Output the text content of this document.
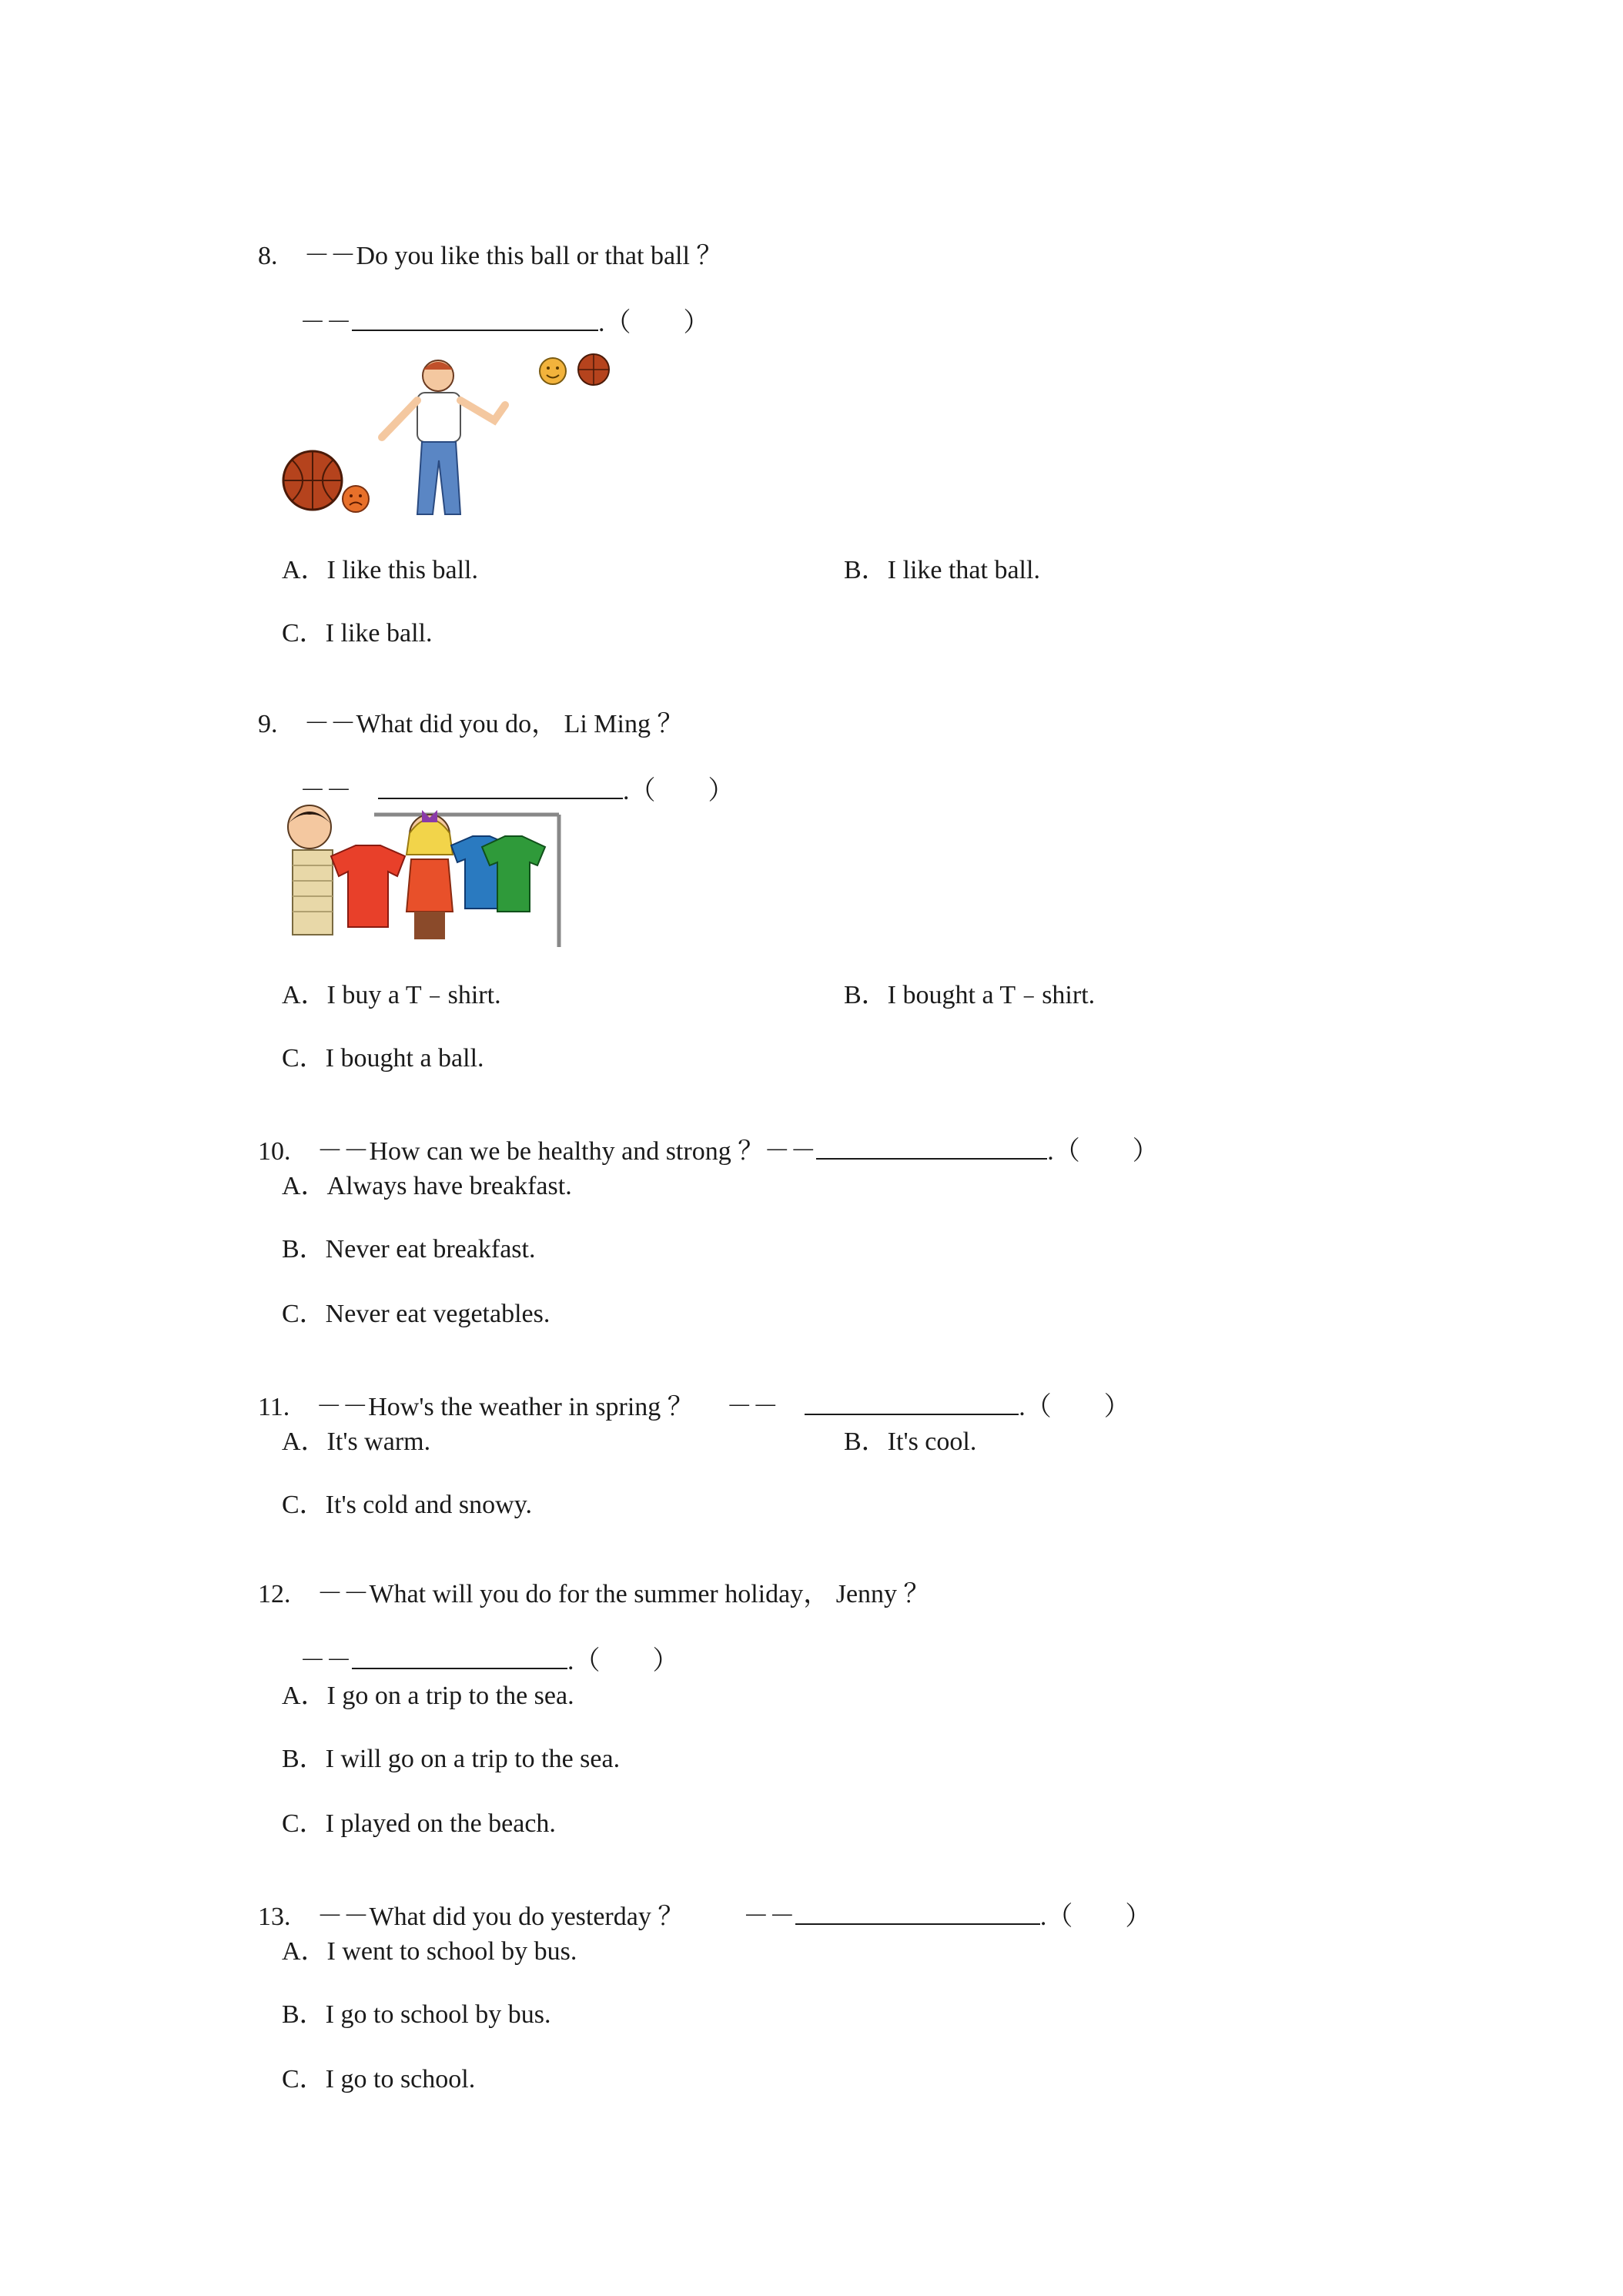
8.　 －－Do you like this ball or that ball ？

－－	.（　　）

A．I like this ball.	B．I like that ball.
C．I like ball.

9.　 －－What did you do， Li Ming ？

－－　	.（　　）

A．I buy a T﹣shirt.	B．I bought a T﹣shirt.
C．I bought a ball.

10.　 －－How can we be healthy and strong ？－－	.（　　）

A．Always have breakfast.
B．Never eat breakfast.
C．Never eat vegetables.

11.　 －－How's the weather in spring ？　 －－　	.（　　）

A．It's warm.	B．It's cool.
C．It's cold and snowy.

12.　 －－What will you do for the summer holiday， Jenny ？

－－	.（　　）

A．I go on a trip to the sea.
B．I will go on a trip to the sea.
C．I played on the beach.

13.　 －－What did you do yesterday ？　　 －－	.（　　）

A．I went to school by bus.
B．I go to school by bus.
C．I go to school.
